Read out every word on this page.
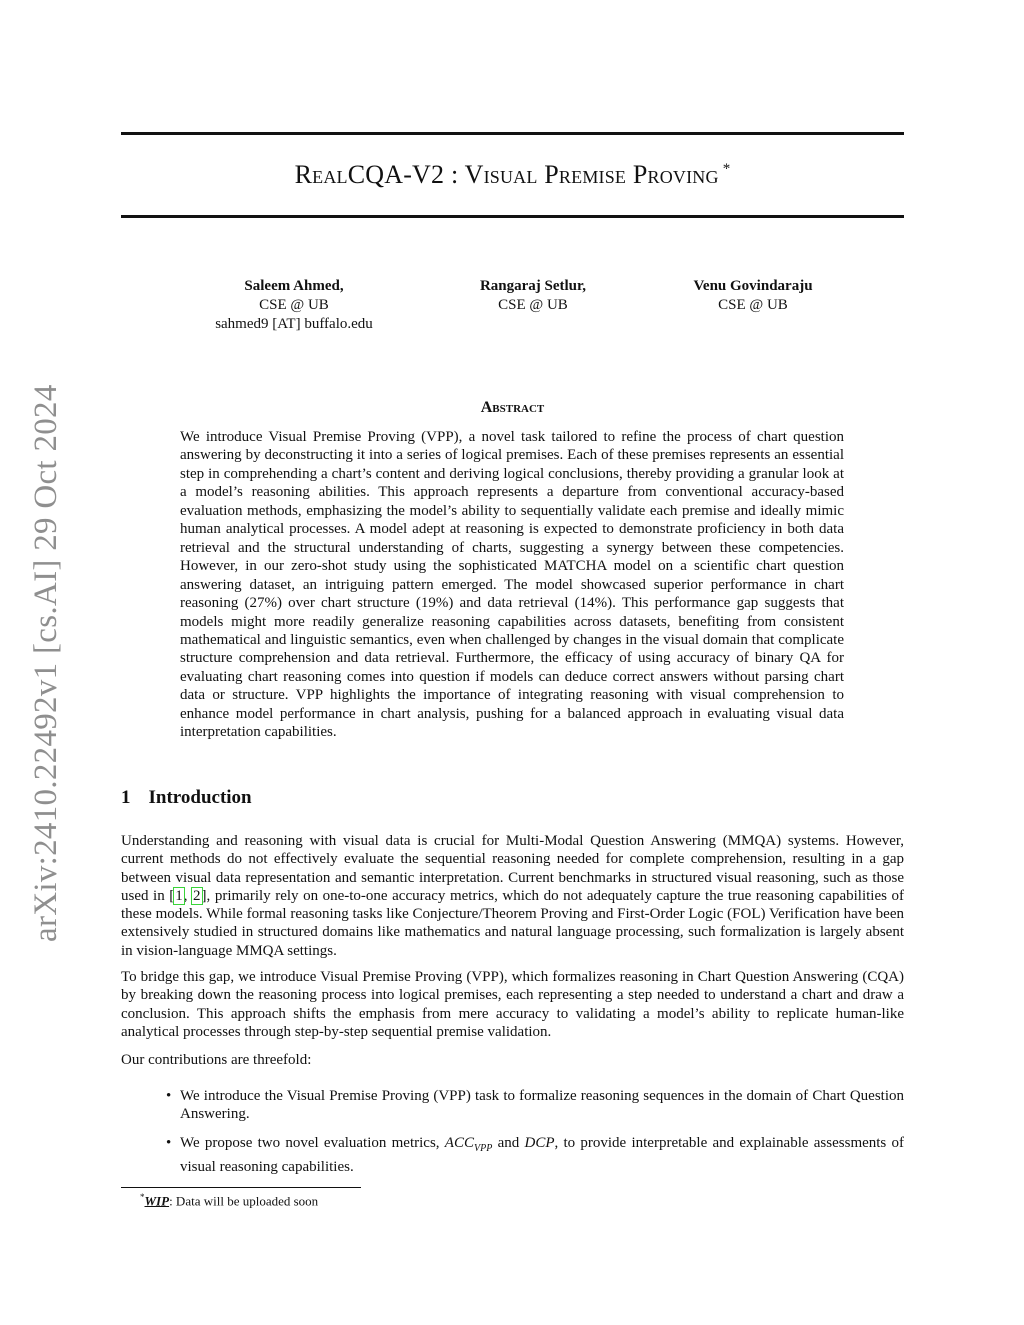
arXiv:2410.22492v1 [cs.AI] 29 Oct 2024
RealCQA-V2 : Visual Premise Proving *
Saleem Ahmed,
CSE @ UB
sahmed9 [AT] buffalo.edu
Rangaraj Setlur,
CSE @ UB
Venu Govindaraju
CSE @ UB
Abstract

We introduce Visual Premise Proving (VPP), a novel task tailored to refine the process of chart question answering by deconstructing it into a series of logical premises. Each of these premises represents an essential step in comprehending a chart’s content and deriving logical conclusions, thereby providing a granular look at a model’s reasoning abilities. This approach represents a departure from conventional accuracy-based evaluation methods, emphasizing the model’s ability to sequentially validate each premise and ideally mimic human analytical processes. A model adept at reasoning is expected to demonstrate proficiency in both data retrieval and the structural understanding of charts, suggesting a synergy between these competencies. However, in our zero-shot study using the sophisticated MATCHA model on a scientific chart question answering dataset, an intriguing pattern emerged. The model showcased superior performance in chart reasoning (27%) over chart structure (19%) and data retrieval (14%). This performance gap suggests that models might more readily generalize reasoning capabilities across datasets, benefiting from consistent mathematical and linguistic semantics, even when challenged by changes in the visual domain that complicate structure comprehension and data retrieval. Furthermore, the efficacy of using accuracy of binary QA for evaluating chart reasoning comes into question if models can deduce correct answers without parsing chart data or structure. VPP highlights the importance of integrating reasoning with visual comprehension to enhance model performance in chart analysis, pushing for a balanced approach in evaluating visual data interpretation capabilities.

1 Introduction

Understanding and reasoning with visual data is crucial for Multi-Modal Question Answering (MMQA) systems. However, current methods do not effectively evaluate the sequential reasoning needed for complete comprehension, resulting in a gap between visual data representation and semantic interpretation. Current benchmarks in structured visual reasoning, such as those used in [1, 2], primarily rely on one-to-one accuracy metrics, which do not adequately capture the true reasoning capabilities of these models. While formal reasoning tasks like Conjecture/Theorem Proving and First-Order Logic (FOL) Verification have been extensively studied in structured domains like mathematics and natural language processing, such formalization is largely absent in vision-language MMQA settings.

To bridge this gap, we introduce Visual Premise Proving (VPP), which formalizes reasoning in Chart Question Answering (CQA) by breaking down the reasoning process into logical premises, each representing a step needed to understand a chart and draw a conclusion. This approach shifts the emphasis from mere accuracy to validating a model’s ability to replicate human-like analytical processes through step-by-step sequential premise validation.

Our contributions are threefold:

• We introduce the Visual Premise Proving (VPP) task to formalize reasoning sequences in the domain of Chart Question Answering.
• We propose two novel evaluation metrics, $ACC_{VPP}$ and DCP, to provide interpretable and explainable assessments of visual reasoning capabilities.
*WIP: Data will be uploaded soon
